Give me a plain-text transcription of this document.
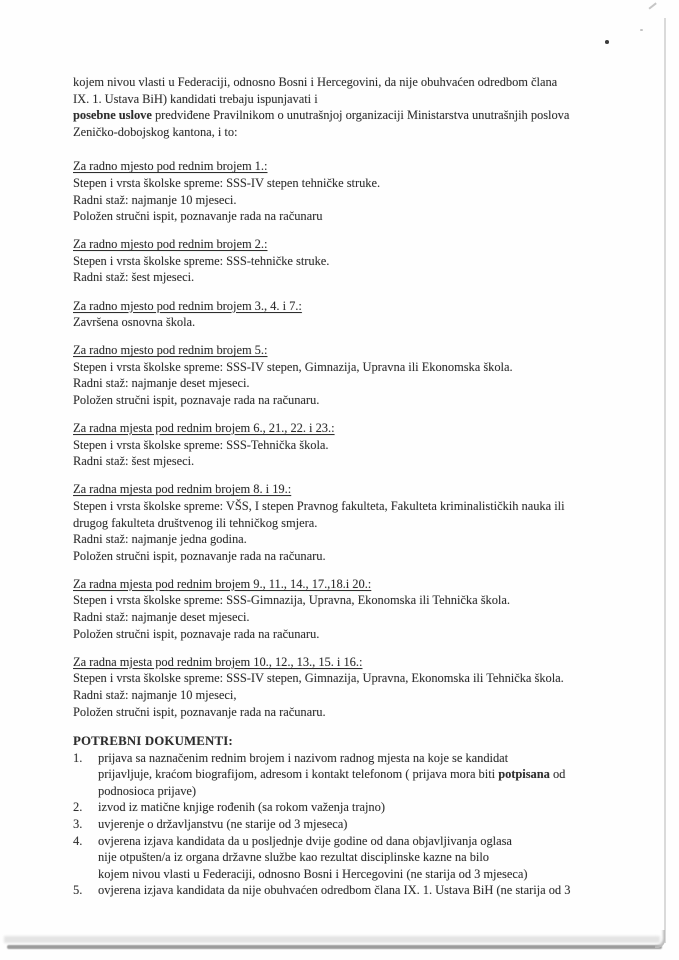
kojem nivou vlasti u Federaciji, odnosno Bosni i Hercegovini, da nije obuhvaćen odredbom člana
IX. 1. Ustava BiH) kandidati trebaju ispunjavati i
posebne uslove predviđene Pravilnikom o unutrašnjoj organizaciji Ministarstva unutrašnjih poslova
Zeničko-dobojskog kantona, i to:

Za radno mjesto pod rednim brojem 1.:
Stepen i vrsta školske spreme: SSS-IV stepen tehničke struke.
Radni staž: najmanje 10 mjeseci.
Položen stručni ispit, poznavanje rada na računaru
Za radno mjesto pod rednim brojem 2.:
Stepen i vrsta školske spreme: SSS-tehničke struke.
Radni staž: šest mjeseci.
Za radno mjesto pod rednim brojem 3., 4. i 7.:
Završena osnovna škola.
Za radno mjesto pod rednim brojem 5.:
Stepen i vrsta školske spreme: SSS-IV stepen, Gimnazija, Upravna ili Ekonomska škola.
Radni staž: najmanje deset mjeseci.
Položen stručni ispit, poznavaje rada na računaru.
Za radna mjesta pod rednim brojem 6., 21., 22. i 23.:
Stepen i vrsta školske spreme: SSS-Tehnička škola.
Radni staž: šest mjeseci.
Za radna mjesta pod rednim brojem 8. i 19.:
Stepen i vrsta školske spreme: VŠS, I stepen Pravnog fakulteta, Fakulteta kriminalističkih nauka ili
drugog fakulteta društvenog ili tehničkog smjera.
Radni staž: najmanje jedna godina.
Položen stručni ispit, poznavanje rada na računaru.
Za radna mjesta pod rednim brojem 9., 11., 14., 17.,18.i 20.:
Stepen i vrsta školske spreme: SSS-Gimnazija, Upravna, Ekonomska ili Tehnička škola.
Radni staž: najmanje deset mjeseci.
Položen stručni ispit, poznavaje rada na računaru.
Za radna mjesta pod rednim brojem 10., 12., 13., 15. i 16.:
Stepen i vrsta školske spreme: SSS-IV stepen, Gimnazija, Upravna, Ekonomska ili Tehnička škola.
Radni staž: najmanje 10 mjeseci,
Položen stručni ispit, poznavanje rada na računaru.
POTREBNI DOKUMENTI:
1.	prijava sa naznačenim rednim brojem i nazivom radnog mjesta na koje se kandidat
prijavljuje, kraćom biografijom, adresom i kontakt telefonom ( prijava mora biti potpisana od
podnosioca prijave)
2.	izvod iz matične knjige rođenih (sa rokom važenja trajno)
3.	uvjerenje o državljanstvu (ne starije od 3 mjeseca)
4.	ovjerena izjava kandidata da u posljednje dvije godine od dana objavljivanja oglasa
nije otpušten/a iz organa državne službe kao rezultat disciplinske kazne na bilo
kojem nivou vlasti u Federaciji, odnosno Bosni i Hercegovini (ne starija od 3 mjeseca)
5.	ovjerena izjava kandidata da nije obuhvaćen odredbom člana IX. 1. Ustava BiH (ne starija od 3
